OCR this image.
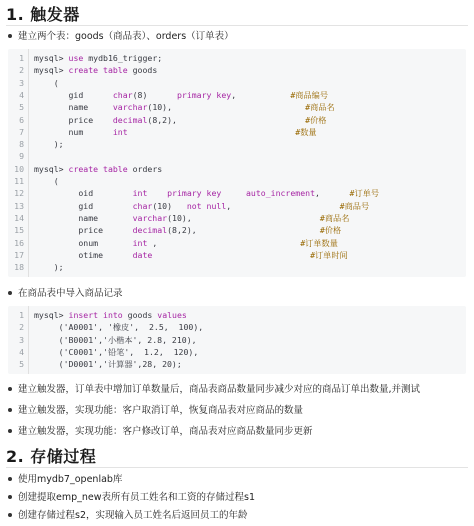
1. 触发器
建立两个表：goods（商品表）、orders（订单表）
1 mysql> use mydb16_trigger;
2 mysql> create table goods
3 (
4 gid      char(8)      primary key,           #商品编号
5 name     varchar(10),                           #商品名
6 price    decimal(8,2),                          #价格
7 num      int	#数量
8 );
9
10 mysql> create table orders
11 (
12 oid        int primary key	auto_increment,      #订单号
13 gid        char(10)   not null,                      #商品号
14 name       varchar(10),                          #商品名
15 price      decimal(8,2),                         #价格
16 onum       int ,                             #订单数量
17 otime      date	#订单时间
18 );
在商品表中导入商品记录
1 mysql> insert into goods values
2 ('A0001', '橡皮',  2.5,  100),
3 ('B0001','小楷本', 2.8, 210),
4 ('C0001','铅笔',  1.2,  120),
5 ('D0001','计算器',28, 20);
建立触发器，订单表中增加订单数量后，商品表商品数量同步减少对应的商品订单出数量,并测试
建立触发器，实现功能：客户取消订单，恢复商品表对应商品的数量
建立触发器，实现功能：客户修改订单，商品表对应商品数量同步更新
2. 存储过程
使用mydb7_openlab库
创建提取emp_new表所有员工姓名和工资的存储过程s1
创建存储过程s2，实现输入员工姓名后返回员工的年龄
